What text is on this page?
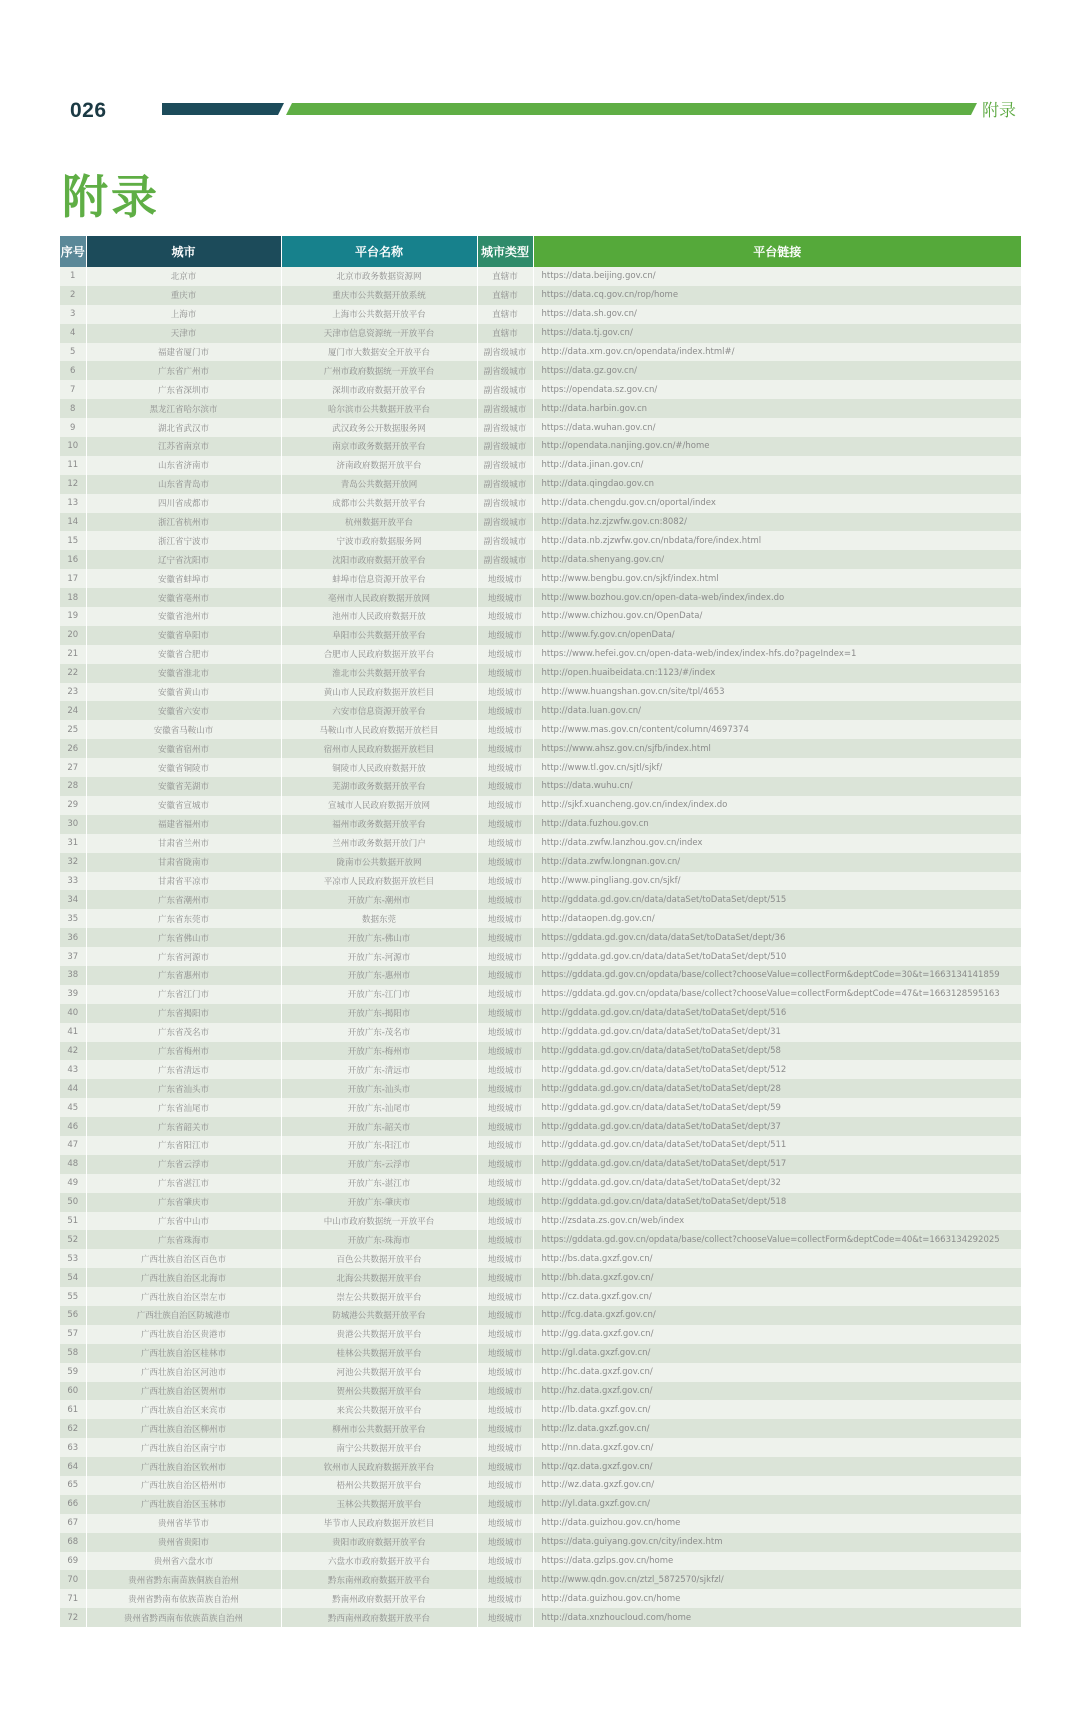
026	附录
附录
序号	城市	平台名称	城市类型	平台链接
1	北京市	北京市政务数据资源网	直辖市	https://data.beijing.gov.cn/
2	重庆市	重庆市公共数据开放系统	直辖市	https://data.cq.gov.cn/rop/home
3	上海市	上海市公共数据开放平台	直辖市	https://data.sh.gov.cn/
4	天津市	天津市信息资源统一开放平台	直辖市	https://data.tj.gov.cn/
5	福建省厦门市	厦门市大数据安全开放平台	副省级城市	http://data.xm.gov.cn/opendata/index.html#/
6	广东省广州市	广州市政府数据统一开放平台	副省级城市	https://data.gz.gov.cn/
7	广东省深圳市	深圳市政府数据开放平台	副省级城市	https://opendata.sz.gov.cn/
8	黑龙江省哈尔滨市	哈尔滨市公共数据开放平台	副省级城市	http://data.harbin.gov.cn
9	湖北省武汉市	武汉政务公开数据服务网	副省级城市	https://data.wuhan.gov.cn/
10	江苏省南京市	南京市政务数据开放平台	副省级城市	http://opendata.nanjing.gov.cn/#/home
11	山东省济南市	济南政府数据开放平台	副省级城市	http://data.jinan.gov.cn/
12	山东省青岛市	青岛公共数据开放网	副省级城市	http://data.qingdao.gov.cn
13	四川省成都市	成都市公共数据开放平台	副省级城市	http://data.chengdu.gov.cn/oportal/index
14	浙江省杭州市	杭州数据开放平台	副省级城市	http://data.hz.zjzwfw.gov.cn:8082/
15	浙江省宁波市	宁波市政府数据服务网	副省级城市	http://data.nb.zjzwfw.gov.cn/nbdata/fore/index.html
16	辽宁省沈阳市	沈阳市政府数据开放平台	副省级城市	http://data.shenyang.gov.cn/
17	安徽省蚌埠市	蚌埠市信息资源开放平台	地级城市	http://www.bengbu.gov.cn/sjkf/index.html
18	安徽省亳州市	亳州市人民政府数据开放网	地级城市	http://www.bozhou.gov.cn/open-data-web/index/index.do
19	安徽省池州市	池州市人民政府数据开放	地级城市	http://www.chizhou.gov.cn/OpenData/
20	安徽省阜阳市	阜阳市公共数据开放平台	地级城市	http://www.fy.gov.cn/openData/
21	安徽省合肥市	合肥市人民政府数据开放平台	地级城市	https://www.hefei.gov.cn/open-data-web/index/index-hfs.do?pageIndex=1
22	安徽省淮北市	淮北市公共数据开放平台	地级城市	http://open.huaibeidata.cn:1123/#/index
23	安徽省黄山市	黄山市人民政府数据开放栏目	地级城市	http://www.huangshan.gov.cn/site/tpl/4653
24	安徽省六安市	六安市信息资源开放平台	地级城市	http://data.luan.gov.cn/
25	安徽省马鞍山市	马鞍山市人民政府数据开放栏目	地级城市	http://www.mas.gov.cn/content/column/4697374
26	安徽省宿州市	宿州市人民政府数据开放栏目	地级城市	https://www.ahsz.gov.cn/sjfb/index.html
27	安徽省铜陵市	铜陵市人民政府数据开放	地级城市	http://www.tl.gov.cn/sjtl/sjkf/
28	安徽省芜湖市	芜湖市政务数据开放平台	地级城市	https://data.wuhu.cn/
29	安徽省宣城市	宣城市人民政府数据开放网	地级城市	http://sjkf.xuancheng.gov.cn/index/index.do
30	福建省福州市	福州市政务数据开放平台	地级城市	http://data.fuzhou.gov.cn
31	甘肃省兰州市	兰州市政务数据开放门户	地级城市	http://data.zwfw.lanzhou.gov.cn/index
32	甘肃省陇南市	陇南市公共数据开放网	地级城市	http://data.zwfw.longnan.gov.cn/
33	甘肃省平凉市	平凉市人民政府数据开放栏目	地级城市	http://www.pingliang.gov.cn/sjkf/
34	广东省潮州市	开放广东-潮州市	地级城市	http://gddata.gd.gov.cn/data/dataSet/toDataSet/dept/515
35	广东省东莞市	数据东莞	地级城市	http://dataopen.dg.gov.cn/
36	广东省佛山市	开放广东-佛山市	地级城市	https://gddata.gd.gov.cn/data/dataSet/toDataSet/dept/36
37	广东省河源市	开放广东-河源市	地级城市	http://gddata.gd.gov.cn/data/dataSet/toDataSet/dept/510
38	广东省惠州市	开放广东-惠州市	地级城市	https://gddata.gd.gov.cn/opdata/base/collect?chooseValue=collectForm&deptCode=30&t=1663134141859
39	广东省江门市	开放广东-江门市	地级城市	https://gddata.gd.gov.cn/opdata/base/collect?chooseValue=collectForm&deptCode=47&t=1663128595163
40	广东省揭阳市	开放广东-揭阳市	地级城市	http://gddata.gd.gov.cn/data/dataSet/toDataSet/dept/516
41	广东省茂名市	开放广东-茂名市	地级城市	http://gddata.gd.gov.cn/data/dataSet/toDataSet/dept/31
42	广东省梅州市	开放广东-梅州市	地级城市	http://gddata.gd.gov.cn/data/dataSet/toDataSet/dept/58
43	广东省清远市	开放广东-清远市	地级城市	http://gddata.gd.gov.cn/data/dataSet/toDataSet/dept/512
44	广东省汕头市	开放广东-汕头市	地级城市	http://gddata.gd.gov.cn/data/dataSet/toDataSet/dept/28
45	广东省汕尾市	开放广东-汕尾市	地级城市	http://gddata.gd.gov.cn/data/dataSet/toDataSet/dept/59
46	广东省韶关市	开放广东-韶关市	地级城市	http://gddata.gd.gov.cn/data/dataSet/toDataSet/dept/37
47	广东省阳江市	开放广东-阳江市	地级城市	http://gddata.gd.gov.cn/data/dataSet/toDataSet/dept/511
48	广东省云浮市	开放广东-云浮市	地级城市	http://gddata.gd.gov.cn/data/dataSet/toDataSet/dept/517
49	广东省湛江市	开放广东-湛江市	地级城市	http://gddata.gd.gov.cn/data/dataSet/toDataSet/dept/32
50	广东省肇庆市	开放广东-肇庆市	地级城市	http://gddata.gd.gov.cn/data/dataSet/toDataSet/dept/518
51	广东省中山市	中山市政府数据统一开放平台	地级城市	http://zsdata.zs.gov.cn/web/index
52	广东省珠海市	开放广东-珠海市	地级城市	https://gddata.gd.gov.cn/opdata/base/collect?chooseValue=collectForm&deptCode=40&t=1663134292025
53	广西壮族自治区百色市	百色公共数据开放平台	地级城市	http://bs.data.gxzf.gov.cn/
54	广西壮族自治区北海市	北海公共数据开放平台	地级城市	http://bh.data.gxzf.gov.cn/
55	广西壮族自治区崇左市	崇左公共数据开放平台	地级城市	http://cz.data.gxzf.gov.cn/
56	广西壮族自治区防城港市	防城港公共数据开放平台	地级城市	http://fcg.data.gxzf.gov.cn/
57	广西壮族自治区贵港市	贵港公共数据开放平台	地级城市	http://gg.data.gxzf.gov.cn/
58	广西壮族自治区桂林市	桂林公共数据开放平台	地级城市	http://gl.data.gxzf.gov.cn/
59	广西壮族自治区河池市	河池公共数据开放平台	地级城市	http://hc.data.gxzf.gov.cn/
60	广西壮族自治区贺州市	贺州公共数据开放平台	地级城市	http://hz.data.gxzf.gov.cn/
61	广西壮族自治区来宾市	来宾公共数据开放平台	地级城市	http://lb.data.gxzf.gov.cn/
62	广西壮族自治区柳州市	柳州市公共数据开放平台	地级城市	http://lz.data.gxzf.gov.cn/
63	广西壮族自治区南宁市	南宁公共数据开放平台	地级城市	http://nn.data.gxzf.gov.cn/
64	广西壮族自治区钦州市	钦州市人民政府数据开放平台	地级城市	http://qz.data.gxzf.gov.cn/
65	广西壮族自治区梧州市	梧州公共数据开放平台	地级城市	http://wz.data.gxzf.gov.cn/
66	广西壮族自治区玉林市	玉林公共数据开放平台	地级城市	http://yl.data.gxzf.gov.cn/
67	贵州省毕节市	毕节市人民政府数据开放栏目	地级城市	http://data.guizhou.gov.cn/home
68	贵州省贵阳市	贵阳市政府数据开放平台	地级城市	https://data.guiyang.gov.cn/city/index.htm
69	贵州省六盘水市	六盘水市政府数据开放平台	地级城市	https://data.gzlps.gov.cn/home
70	贵州省黔东南苗族侗族自治州	黔东南州政府数据开放平台	地级城市	http://www.qdn.gov.cn/ztzl_5872570/sjkfzl/
71	贵州省黔南布依族苗族自治州	黔南州政府数据开放平台	地级城市	http://data.guizhou.gov.cn/home
72	贵州省黔西南布依族苗族自治州	黔西南州政府数据开放平台	地级城市	http://data.xnzhoucloud.com/home
